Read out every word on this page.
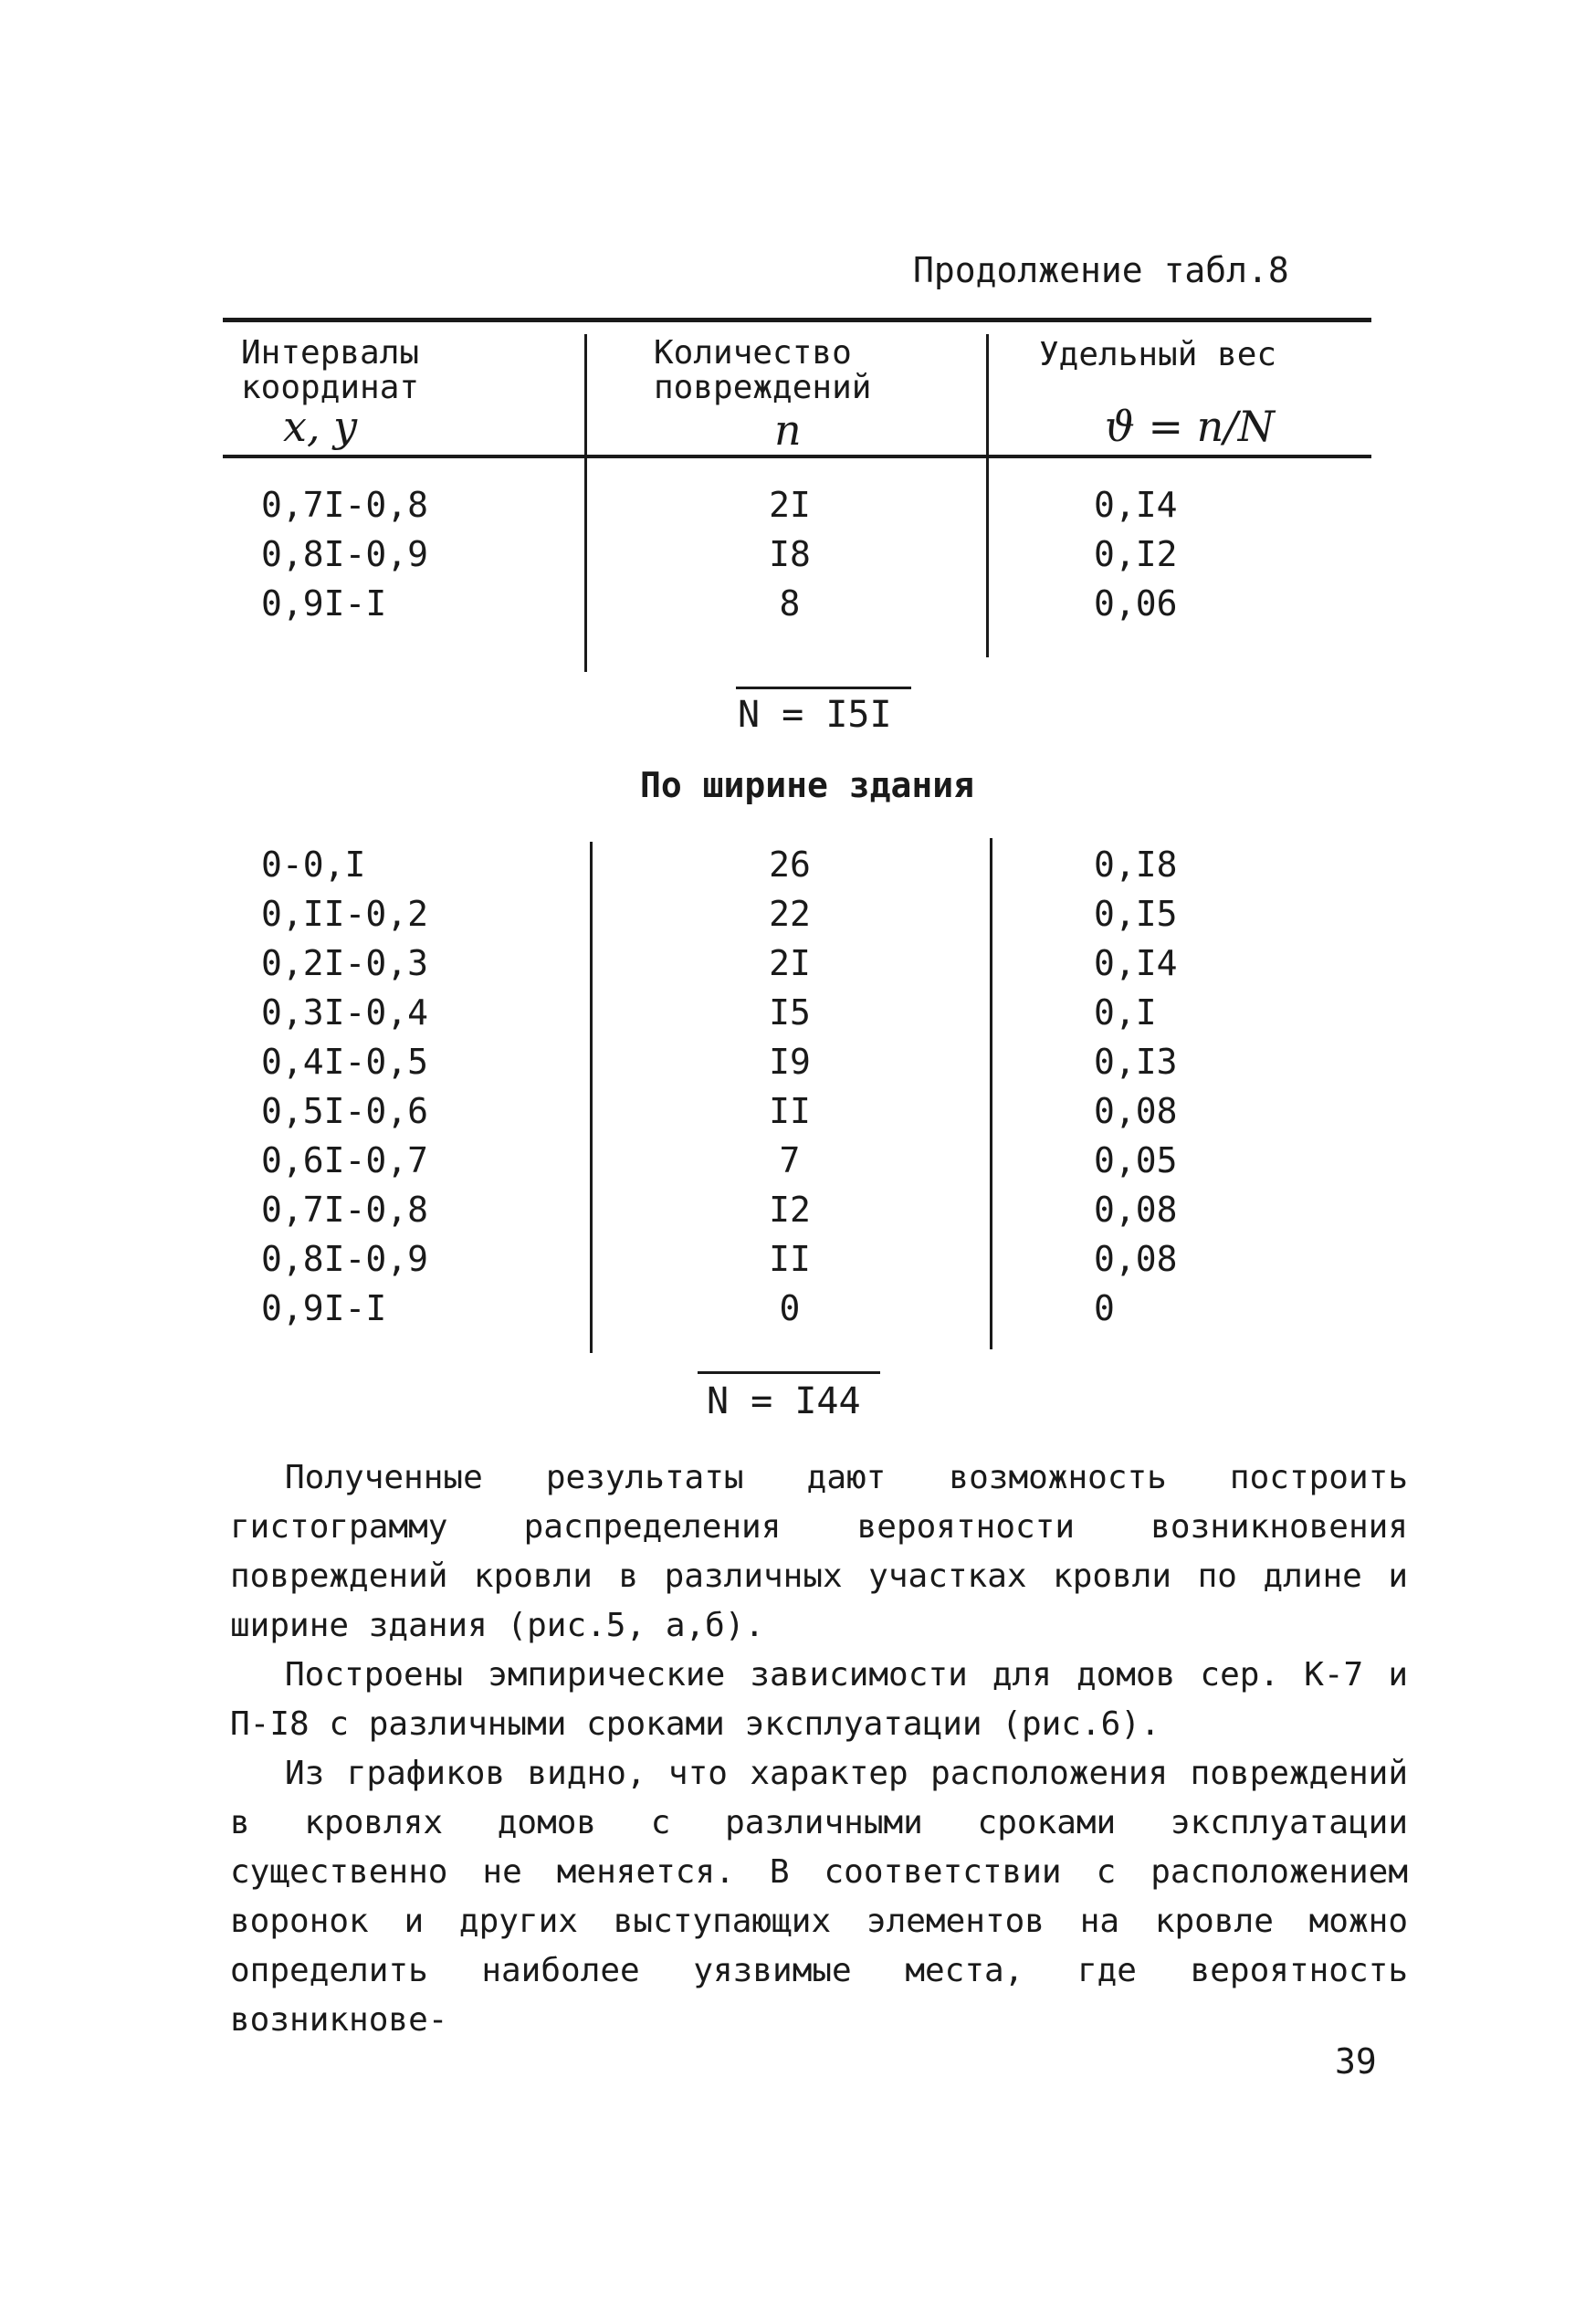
Продолжение табл.8
Интервалы координат
x, y
Количество повреждений
n
Удельный вес
ϑ = n/N
0,7I-0,8	2I	0,I4
0,8I-0,9	I8	0,I2
0,9I-I	8	0,06
N = I5I
По ширине здания
0-0,I	26	0,I8
0,II-0,2	22	0,I5
0,2I-0,3	2I	0,I4
0,3I-0,4	I5	0,I
0,4I-0,5	I9	0,I3
0,5I-0,6	II	0,08
0,6I-0,7	7	0,05
0,7I-0,8	I2	0,08
0,8I-0,9	II	0,08
0,9I-I	0	0
N = I44
Полученные результаты дают возможность построить гистограмму распределения вероятности возникновения повреждений кровли в различных участках кровли по длине и ширине здания (рис.5, а,б).
Построены эмпирические зависимости для домов сер. К-7 и П-I8 с различными сроками эксплуатации (рис.6).
Из графиков видно, что характер расположения повреждений в кровлях домов с различными сроками эксплуатации существенно не меняется. В соответствии с расположением воронок и других выступающих элементов на кровле можно определить наиболее уязвимые места, где вероятность возникнове-
39
